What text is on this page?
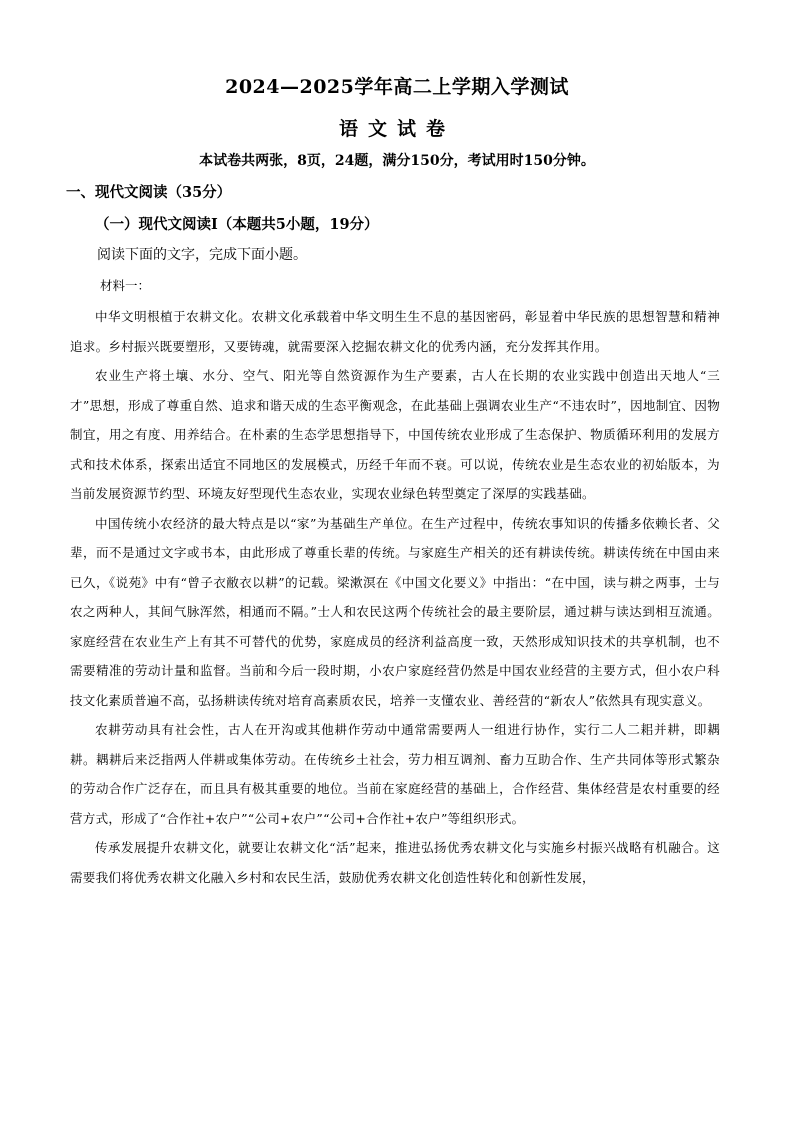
2024—2025学年高二上学期入学测试
语文试卷
本试卷共两张，8页，24题，满分150分，考试用时150分钟。
一、现代文阅读（35分）
（一）现代文阅读Ⅰ（本题共5小题，19分）
阅读下面的文字，完成下面小题。
材料一：

中华文明根植于农耕文化。农耕文化承载着中华文明生生不息的基因密码，彰显着中华民族的思想智慧和精神追求。乡村振兴既要塑形，又要铸魂，就需要深入挖掘农耕文化的优秀内涵，充分发挥其作用。

农业生产将土壤、水分、空气、阳光等自然资源作为生产要素，古人在长期的农业实践中创造出天地人“三才”思想，形成了尊重自然、追求和谐天成的生态平衡观念，在此基础上强调农业生产“不违农时”，因地制宜、因物制宜，用之有度、用养结合。在朴素的生态学思想指导下，中国传统农业形成了生态保护、物质循环利用的发展方式和技术体系，探索出适宜不同地区的发展模式，历经千年而不衰。可以说，传统农业是生态农业的初始版本，为当前发展资源节约型、环境友好型现代生态农业，实现农业绿色转型奠定了深厚的实践基础。

中国传统小农经济的最大特点是以“家”为基础生产单位。在生产过程中，传统农事知识的传播多依赖长者、父辈，而不是通过文字或书本，由此形成了尊重长辈的传统。与家庭生产相关的还有耕读传统。耕读传统在中国由来已久，《说苑》中有“曾子衣敝衣以耕”的记载。梁漱溟在《中国文化要义》中指出：“在中国，读与耕之两事，士与农之两种人，其间气脉浑然，相通而不隔。”士人和农民这两个传统社会的最主要阶层，通过耕与读达到相互流通。家庭经营在农业生产上有其不可替代的优势，家庭成员的经济利益高度一致，天然形成知识技术的共享机制，也不需要精准的劳动计量和监督。当前和今后一段时期，小农户家庭经营仍然是中国农业经营的主要方式，但小农户科技文化素质普遍不高，弘扬耕读传统对培育高素质农民，培养一支懂农业、善经营的“新农人”依然具有现实意义。

农耕劳动具有社会性，古人在开沟或其他耕作劳动中通常需要两人一组进行协作，实行二人二耜并耕，即耦耕。耦耕后来泛指两人伴耕或集体劳动。在传统乡土社会，劳力相互调剂、畜力互助合作、生产共同体等形式繁杂的劳动合作广泛存在，而且具有极其重要的地位。当前在家庭经营的基础上，合作经营、集体经营是农村重要的经营方式，形成了“合作社+农户”“公司+农户”“公司+合作社+农户”等组织形式。

传承发展提升农耕文化，就要让农耕文化“活”起来，推进弘扬优秀农耕文化与实施乡村振兴战略有机融合。这需要我们将优秀农耕文化融入乡村和农民生活，鼓励优秀农耕文化创造性转化和创新性发展，
